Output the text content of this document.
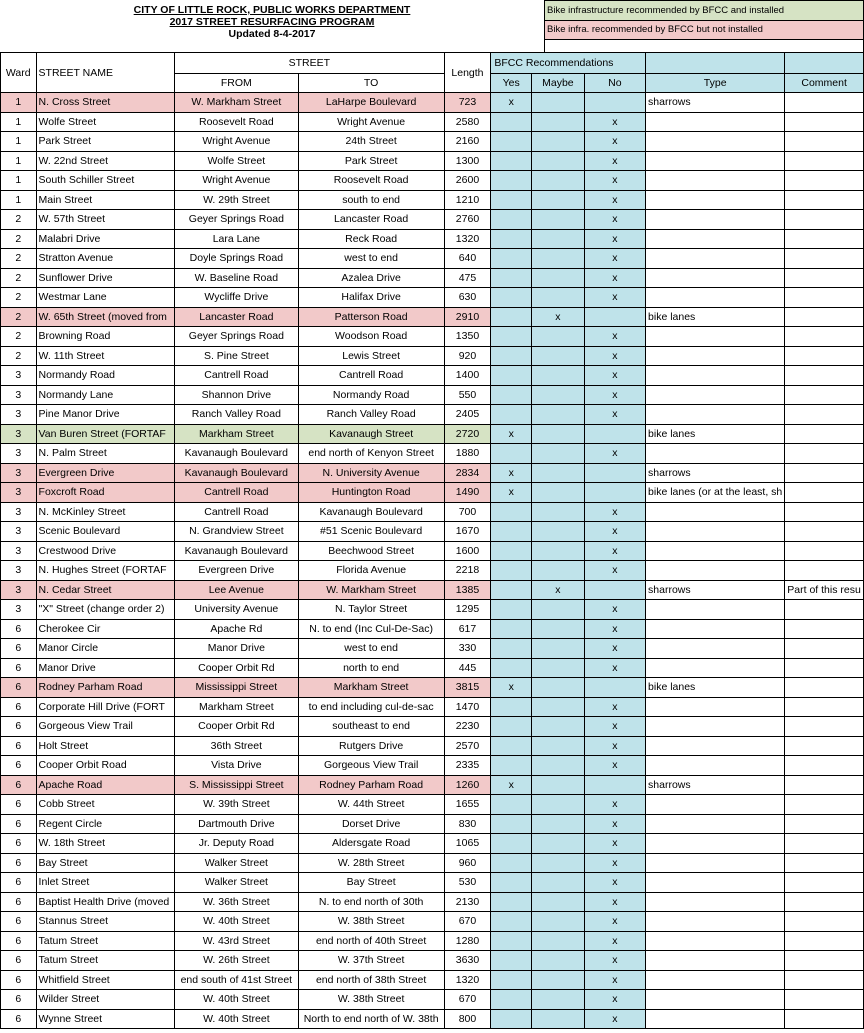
CITY OF LITTLE ROCK, PUBLIC WORKS DEPARTMENT
2017 STREET RESURFACING PROGRAM
Updated 8-4-2017
Bike infrastructure recommended by BFCC and installed
Bike infra. recommended by BFCC but not installed

Ward	STREET NAME	STREET		Length	BFCC Recommendations				
		FROM	TO		Yes	Maybe	No	Type	Comment
1	N. Cross Street	W. Markham Street	LaHarpe Boulevard	723	x			sharrows	
1	Wolfe Street	Roosevelt Road	Wright Avenue	2580			x		
1	Park Street	Wright Avenue	24th Street	2160			x		
1	W. 22nd Street	Wolfe Street	Park Street	1300			x		
1	South Schiller Street	Wright Avenue	Roosevelt Road	2600			x		
1	Main Street	W. 29th Street	south to end	1210			x		
2	W. 57th Street	Geyer Springs Road	Lancaster Road	2760			x		
2	Malabri Drive	Lara Lane	Reck Road	1320			x		
2	Stratton Avenue	Doyle Springs Road	west to end	640			x		
2	Sunflower Drive	W. Baseline Road	Azalea Drive	475			x		
2	Westmar Lane	Wycliffe Drive	Halifax Drive	630			x		
2	W. 65th Street (moved from	Lancaster Road	Patterson Road	2910		x		bike lanes	
2	Browning Road	Geyer Springs Road	Woodson Road	1350			x		
2	W. 11th Street	S. Pine Street	Lewis Street	920			x		
3	Normandy Road	Cantrell Road	Cantrell Road	1400			x		
3	Normandy Lane	Shannon Drive	Normandy Road	550			x		
3	Pine Manor Drive	Ranch Valley Road	Ranch Valley Road	2405			x		
3	Van Buren Street (FORTAF	Markham Street	Kavanaugh Street	2720	x			bike lanes	
3	N. Palm Street	Kavanaugh Boulevard	end north of Kenyon Street	1880			x		
3	Evergreen Drive	Kavanaugh Boulevard	N. University Avenue	2834	x			sharrows	
3	Foxcroft Road	Cantrell Road	Huntington Road	1490	x			bike lanes (or at the least, sh	
3	N. McKinley Street	Cantrell Road	Kavanaugh Boulevard	700			x		
3	Scenic Boulevard	N. Grandview Street	#51 Scenic Boulevard	1670			x		
3	Crestwood Drive	Kavanaugh Boulevard	Beechwood Street	1600			x		
3	N. Hughes Street (FORTAF	Evergreen Drive	Florida Avenue	2218			x		
3	N. Cedar Street	Lee Avenue	W. Markham Street	1385		x		sharrows	Part of this resu
3	"X" Street (change order 2)	University Avenue	N. Taylor Street	1295			x		
6	Cherokee Cir	Apache Rd	N. to end (Inc Cul-De-Sac)	617			x		
6	Manor Circle	Manor Drive	west to end	330			x		
6	Manor Drive	Cooper Orbit Rd	north to end	445			x		
6	Rodney Parham Road	Mississippi Street	Markham Street	3815	x			bike lanes	
6	Corporate Hill Drive (FORT	Markham Street	to end including cul-de-sac	1470			x		
6	Gorgeous View Trail	Cooper Orbit Rd	southeast to end	2230			x		
6	Holt Street	36th Street	Rutgers Drive	2570			x		
6	Cooper Orbit Road	Vista Drive	Gorgeous View Trail	2335			x		
6	Apache Road	S. Mississippi Street	Rodney Parham Road	1260	x			sharrows	
6	Cobb Street	W. 39th Street	W. 44th Street	1655			x		
6	Regent Circle	Dartmouth Drive	Dorset Drive	830			x		
6	W. 18th Street	Jr. Deputy Road	Aldersgate Road	1065			x		
6	Bay Street	Walker Street	W. 28th Street	960			x		
6	Inlet Street	Walker Street	Bay Street	530			x		
6	Baptist Health Drive (moved	W. 36th Street	N. to end north of 30th	2130			x		
6	Stannus Street	W. 40th Street	W. 38th Street	670			x		
6	Tatum Street	W. 43rd Street	end north of 40th Street	1280			x		
6	Tatum Street	W. 26th Street	W. 37th Street	3630			x		
6	Whitfield Street	end south of 41st Street	end north of 38th Street	1320			x		
6	Wilder Street	W. 40th Street	W. 38th Street	670			x		
6	Wynne Street	W. 40th Street	North to end north of W. 38th	800			x		
